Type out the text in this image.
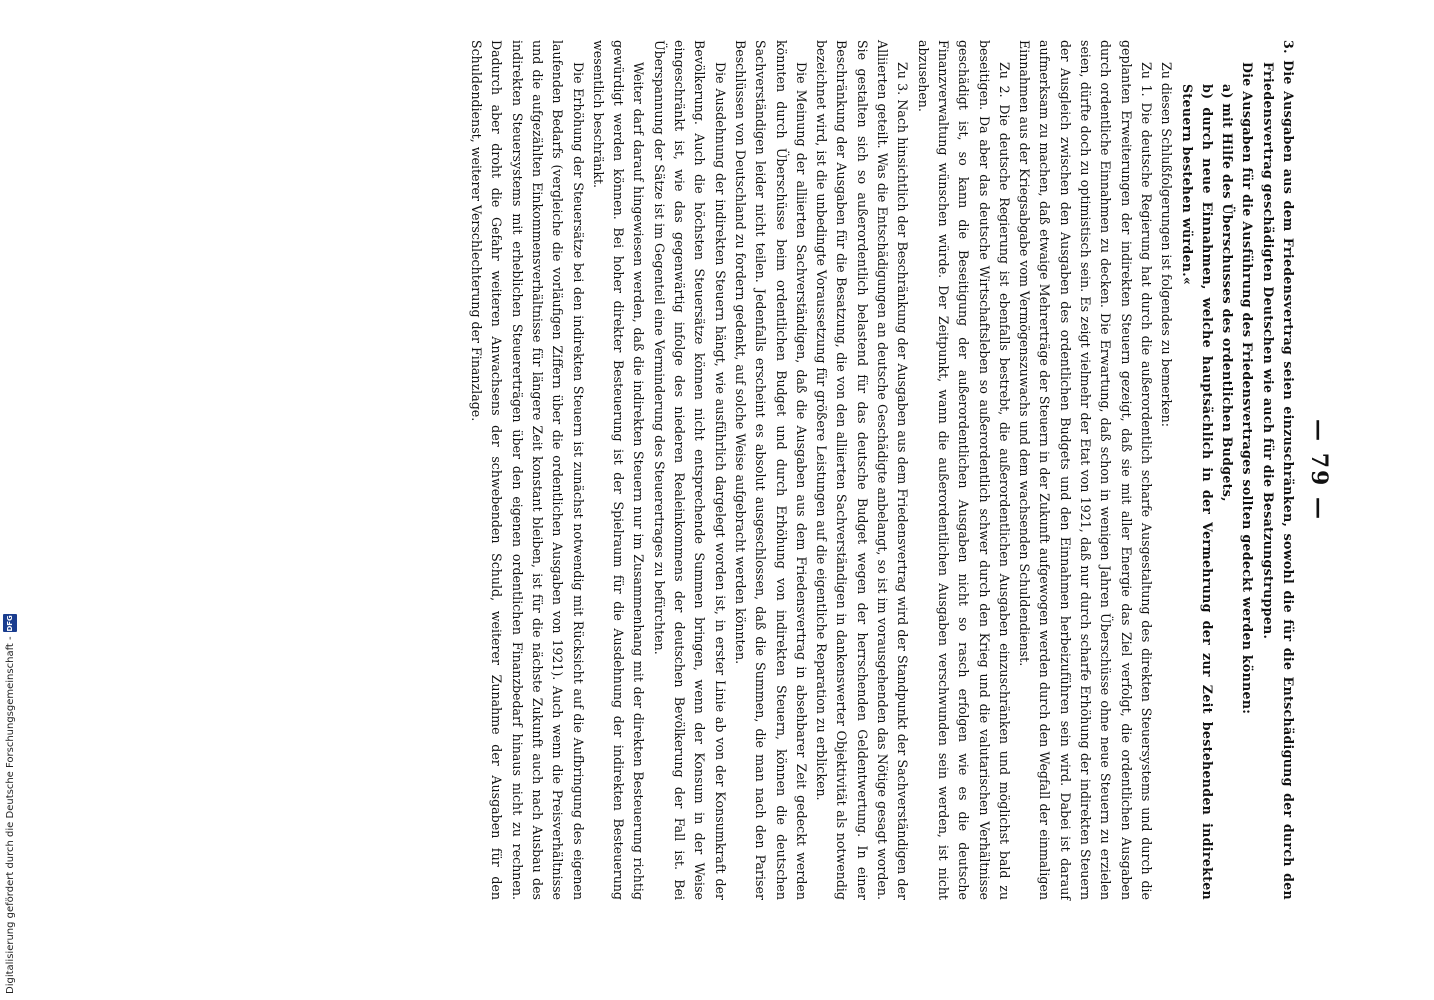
— 79 —

3. Die Ausgaben aus dem Friedensvertrag seien einzuschränken, sowohl die für die Entschädigung der durch den Friedensvertrag geschädigten Deutschen wie auch für die Besatzungstruppen.

Die Ausgaben für die Ausführung des Friedensvertrages sollten gedeckt werden können:

a) mit Hilfe des Überschusses des ordentlichen Budgets,

b) durch neue Einnahmen, welche hauptsächlich in der Vermehrung der zur Zeit bestehenden indirekten Steuern bestehen würden.«

Zu diesen Schlußfolgerungen ist folgendes zu bemerken:

Zu 1. Die deutsche Regierung hat durch die außerordentlich scharfe Ausgestaltung des direkten Steuersystems und durch die geplanten Erweiterungen der indirekten Steuern gezeigt, daß sie mit aller Energie das Ziel verfolgt, die ordentlichen Ausgaben durch ordentliche Einnahmen zu decken. Die Erwartung, daß schon in wenigen Jahren Überschüsse ohne neue Steuern zu erzielen seien, dürfte doch zu optimistisch sein. Es zeigt vielmehr der Etat von 1921, daß nur durch scharfe Erhöhung der indirekten Steuern der Ausgleich zwischen den Ausgaben des ordentlichen Budgets und den Einnahmen herbeizuführen sein wird. Dabei ist darauf aufmerksam zu machen, daß etwaige Mehrerträge der Steuern in der Zukunft aufgewogen werden durch den Wegfall der einmaligen Einnahmen aus der Kriegsabgabe vom Vermögenszuwachs und dem wachsenden Schuldendienst.

Zu 2. Die deutsche Regierung ist ebenfalls bestrebt, die außerordentlichen Ausgaben einzuschränken und möglichst bald zu beseitigen. Da aber das deutsche Wirtschaftsleben so außerordentlich schwer durch den Krieg und die valutarischen Verhältnisse geschädigt ist, so kann die Beseitigung der außerordentlichen Ausgaben nicht so rasch erfolgen wie es die deutsche Finanzverwaltung wünschen würde. Der Zeitpunkt, wann die außerordentlichen Ausgaben verschwunden sein werden, ist nicht abzusehen.

Zu 3. Nach hinsichtlich der Beschränkung der Ausgaben aus dem Friedensvertrag wird der Standpunkt der Sachverständigen der Alliierten geteilt. Was die Entschädigungen an deutsche Geschädigte anbelangt, so ist im vorausgehenden das Nötige gesagt worden. Sie gestalten sich so außerordentlich belastend für das deutsche Budget wegen der herrschenden Geldentwertung. In einer Beschränkung der Ausgaben für die Besatzung, die von den alliierten Sachverständigen in dankenswerter Objektivität als notwendig bezeichnet wird, ist die unbedingte Voraussetzung für größere Leistungen auf die eigentliche Reparation zu erblicken.

Die Meinung der alliierten Sachverständigen, daß die Ausgaben aus dem Friedensvertrag in absehbarer Zeit gedeckt werden könnten durch Überschüsse beim ordentlichen Budget und durch Erhöhung von indirekten Steuern, können die deutschen Sachverständigen leider nicht teilen. Jedenfalls erscheint es absolut ausgeschlossen, daß die Summen, die man nach den Pariser Beschlüssen von Deutschland zu fordern gedenkt, auf solche Weise aufgebracht werden könnten.

Die Ausdehnung der indirekten Steuern hängt, wie ausführlich dargelegt worden ist, in erster Linie ab von der Konsumkraft der Bevölkerung. Auch die höchsten Steuersätze können nicht entsprechende Summen bringen, wenn der Konsum in der Weise eingeschränkt ist, wie das gegenwärtig infolge des niederen Realeinkommens der deutschen Bevölkerung der Fall ist. Bei Überspannung der Sätze ist im Gegenteil eine Verminderung des Steuerertrages zu befürchten.

Weiter darf darauf hingewiesen werden, daß die indirekten Steuern nur im Zusammenhang mit der direkten Besteuerung richtig gewürdigt werden können. Bei hoher direkter Besteuerung ist der Spielraum für die Ausdehnung der indirekten Besteuerung wesentlich beschränkt.

Die Erhöhung der Steuersätze bei den indirekten Steuern ist zunächst notwendig mit Rücksicht auf die Aufbringung des eigenen laufenden Bedarfs (vergleiche die vorläufigen Ziffern über die ordentlichen Ausgaben von 1921). Auch wenn die Preisverhältnisse und die aufgezählten Einkommensverhältnisse für längere Zeit konstant bleiben, ist für die nächste Zukunft auch nach Ausbau des indirekten Steuersystems mit erheblichen Steuererträgen über den eigenen ordentlichen Finanzbedarf hinaus nicht zu rechnen. Dadurch aber droht die Gefahr weiteren Anwachsens der schwebenden Schuld, weiterer Zunahme der Ausgaben für den Schuldendienst, weiterer Verschlechterung der Finanzlage.

Digitalisierung gefördert durch die Deutsche Forschungsgemeinschaft -
DFG
